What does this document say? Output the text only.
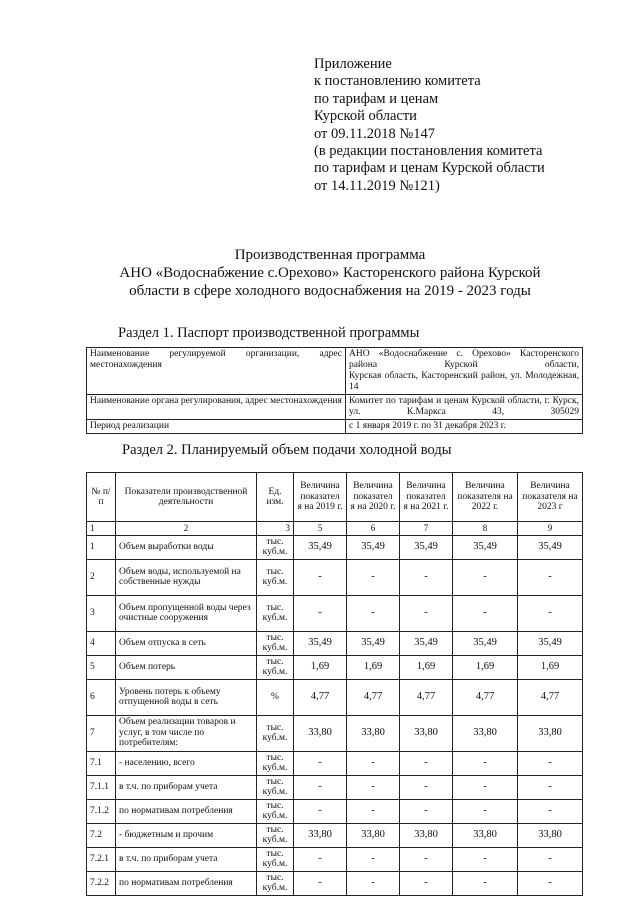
Приложение
к постановлению комитета
по тарифам и ценам
Курской области
от 09.11.2018 №147
(в редакции постановления комитета
по тарифам и ценам Курской области
от 14.11.2019 №121)
Производственная программа
АНО «Водоснабжение с.Орехово» Касторенского района Курской
области в сфере холодного водоснабжения на 2019 - 2023 годы
Раздел 1. Паспорт производственной программы
Наименование регулируемой организации, адрес местонахождения	АНО «Водоснабжение с. Орехово» Касторенского района Курской области,
Курская область, Касторенский район, ул. Молодежная, 14

Наименование органа регулирования, адрес местонахождения	Комитет по тарифам и ценам Курской области, г. Курск, ул. К.Маркса 43, 305029
Период реализации	с 1 января 2019 г. по 31 декабря 2023 г.
Раздел 2. Планируемый объем подачи холодной воды
№ п/п	Показатели производственной деятельности	Ед. изм.	Величина показател я на 2019 г.	Величина показател я на 2020 г.	Величина показател я на 2021 г.	Величина показателя на 2022 г.	Величина показателя на 2023 г
1	2	3	5	6	7	8	9
1	Объем выработки воды	тыс. куб.м.	35,49	35,49	35,49	35,49	35,49
2	Объем воды, используемой на собственные нужды	тыс. куб.м.	-	-	-	-	-
3	Объем пропущенной воды через очистные сооружения	тыс. куб.м.	-	-	-	-	-
4	Объем отпуска в сеть	тыс. куб.м.	35,49	35,49	35,49	35,49	35,49
5	Объем потерь	тыс. куб.м.	1,69	1,69	1,69	1,69	1,69
6	Уровень потерь к объему отпущенной воды в сеть	%	4,77	4,77	4,77	4,77	4,77
7	Объем реализации товаров и услуг, в том числе по потребителям:	тыс. куб.м.	33,80	33,80	33,80	33,80	33,80
7.1	- населению, всего	тыс. куб.м.	-	-	-	-	-
7.1.1	в т.ч. по приборам учета	тыс. куб.м.	-	-	-	-	-
7.1.2	по нормативам потребления	тыс. куб.м.	-	-	-	-	-
7.2	- бюджетным и прочим	тыс. куб.м.	33,80	33,80	33,80	33,80	33,80
7.2.1	в т.ч. по приборам учета	тыс. куб.м.	-	-	-	-	-
7.2.2	по нормативам потребления	тыс. куб.м.	-	-	-	-	-
